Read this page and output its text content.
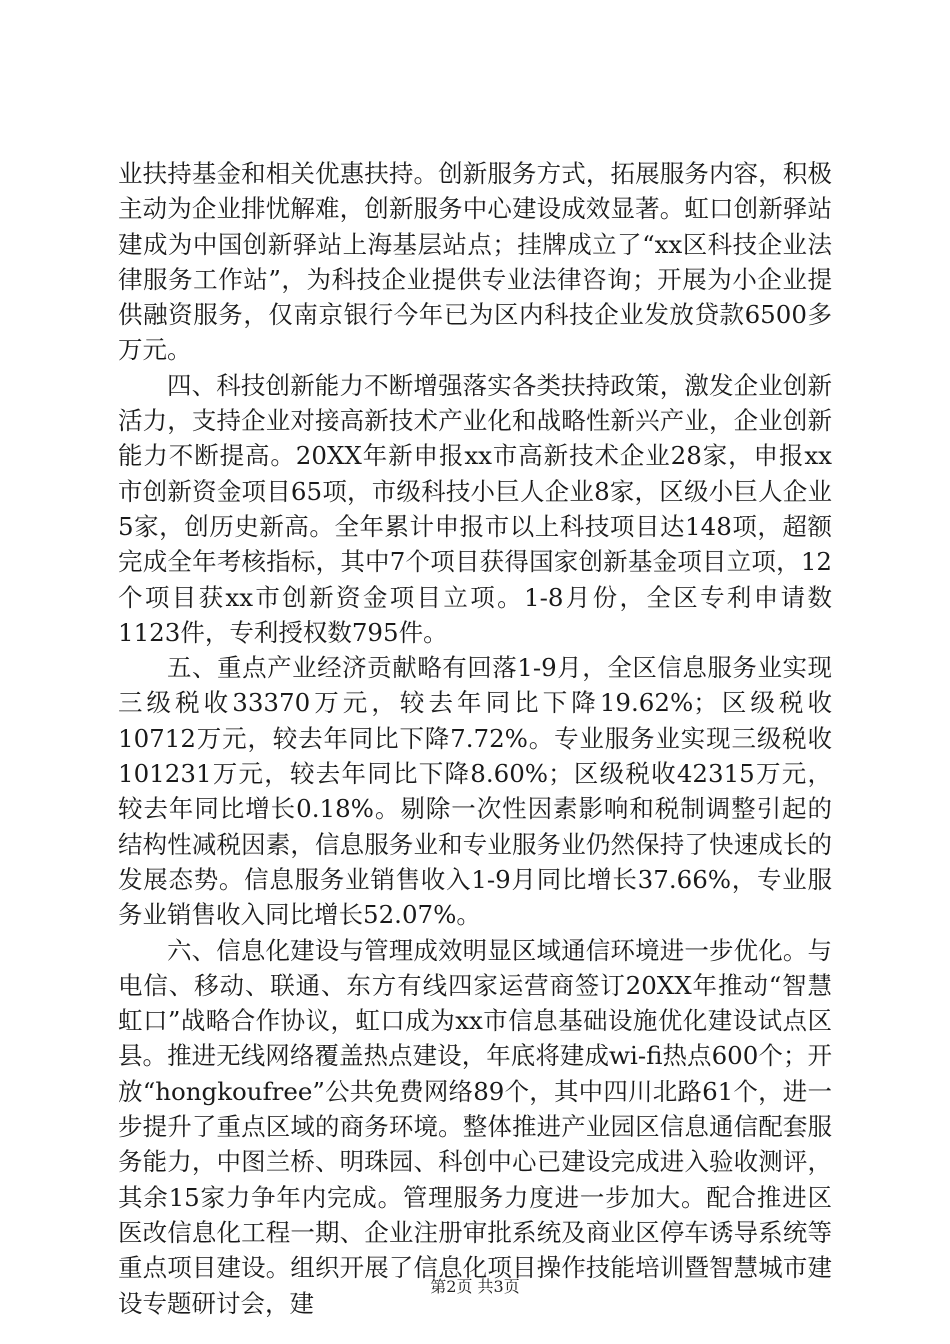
业扶持基金和相关优惠扶持。创新服务方式，拓展服务内容，积极主动为企业排忧解难，创新服务中心建设成效显著。虹口创新驿站建成为中国创新驿站上海基层站点；挂牌成立了“xx区科技企业法律服务工作站”，为科技企业提供专业法律咨询；开展为小企业提供融资服务，仅南京银行今年已为区内科技企业发放贷款6500多万元。

四、科技创新能力不断增强落实各类扶持政策，激发企业创新活力，支持企业对接高新技术产业化和战略性新兴产业，企业创新能力不断提高。20XX年新申报xx市高新技术企业28家，申报xx市创新资金项目65项，市级科技小巨人企业8家，区级小巨人企业5家，创历史新高。全年累计申报市以上科技项目达148项，超额完成全年考核指标，其中7个项目获得国家创新基金项目立项，12个项目获xx市创新资金项目立项。1-8月份，全区专利申请数1123件，专利授权数795件。

五、重点产业经济贡献略有回落1-9月，全区信息服务业实现三级税收33370万元，较去年同比下降19.62%；区级税收10712万元，较去年同比下降7.72%。专业服务业实现三级税收101231万元，较去年同比下降8.60%；区级税收42315万元，较去年同比增长0.18%。剔除一次性因素影响和税制调整引起的结构性减税因素，信息服务业和专业服务业仍然保持了快速成长的发展态势。信息服务业销售收入1-9月同比增长37.66%，专业服务业销售收入同比增长52.07%。

六、信息化建设与管理成效明显区域通信环境进一步优化。与电信、移动、联通、东方有线四家运营商签订20XX年推动“智慧虹口”战略合作协议，虹口成为xx市信息基础设施优化建设试点区县。推进无线网络覆盖热点建设，年底将建成wi-fi热点600个；开放“hongkoufree”公共免费网络89个，其中四川北路61个，进一步提升了重点区域的商务环境。整体推进产业园区信息通信配套服务能力，中图兰桥、明珠园、科创中心已建设完成进入验收测评，其余15家力争年内完成。管理服务力度进一步加大。配合推进区医改信息化工程一期、企业注册审批系统及商业区停车诱导系统等重点项目建设。组织开展了信息化项目操作技能培训暨智慧城市建设专题研讨会，建

第2页 共3页
